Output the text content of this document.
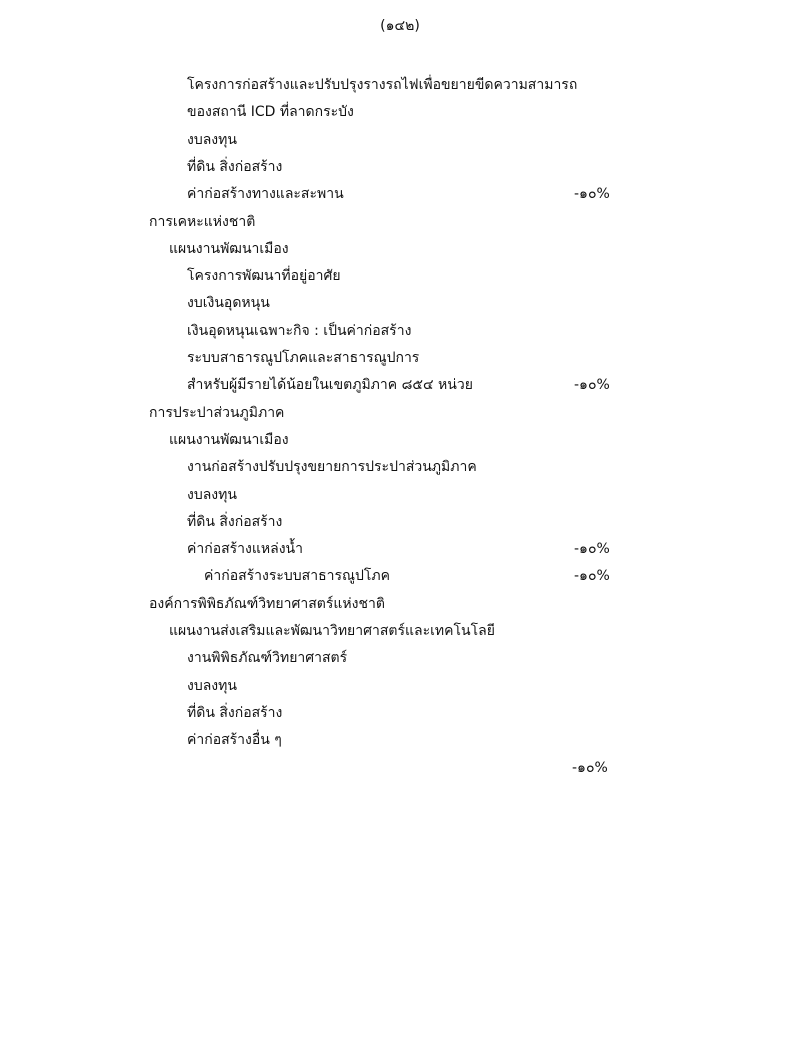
(๑๔๒)
โครงการก่อสร้างและปรับปรุงรางรถไฟเพื่อขยายขีดความสามารถ
ของสถานี ICD ที่ลาดกระบัง
งบลงทุน
ที่ดิน สิ่งก่อสร้าง
ค่าก่อสร้างทางและสะพาน	-๑๐%
การเคหะแห่งชาติ
แผนงานพัฒนาเมือง
โครงการพัฒนาที่อยู่อาศัย
งบเงินอุดหนุน
เงินอุดหนุนเฉพาะกิจ : เป็นค่าก่อสร้าง
ระบบสาธารณูปโภคและสาธารณูปการ
สำหรับผู้มีรายได้น้อยในเขตภูมิภาค ๘๕๔ หน่วย	-๑๐%
การประปาส่วนภูมิภาค
แผนงานพัฒนาเมือง
งานก่อสร้างปรับปรุงขยายการประปาส่วนภูมิภาค
งบลงทุน
ที่ดิน สิ่งก่อสร้าง
ค่าก่อสร้างแหล่งน้ำ	-๑๐%
ค่าก่อสร้างระบบสาธารณูปโภค	-๑๐%
องค์การพิพิธภัณฑ์วิทยาศาสตร์แห่งชาติ
แผนงานส่งเสริมและพัฒนาวิทยาศาสตร์และเทคโนโลยี
งานพิพิธภัณฑ์วิทยาศาสตร์
งบลงทุน
ที่ดิน สิ่งก่อสร้าง
ค่าก่อสร้างอื่น ๆ
-๑๐%
